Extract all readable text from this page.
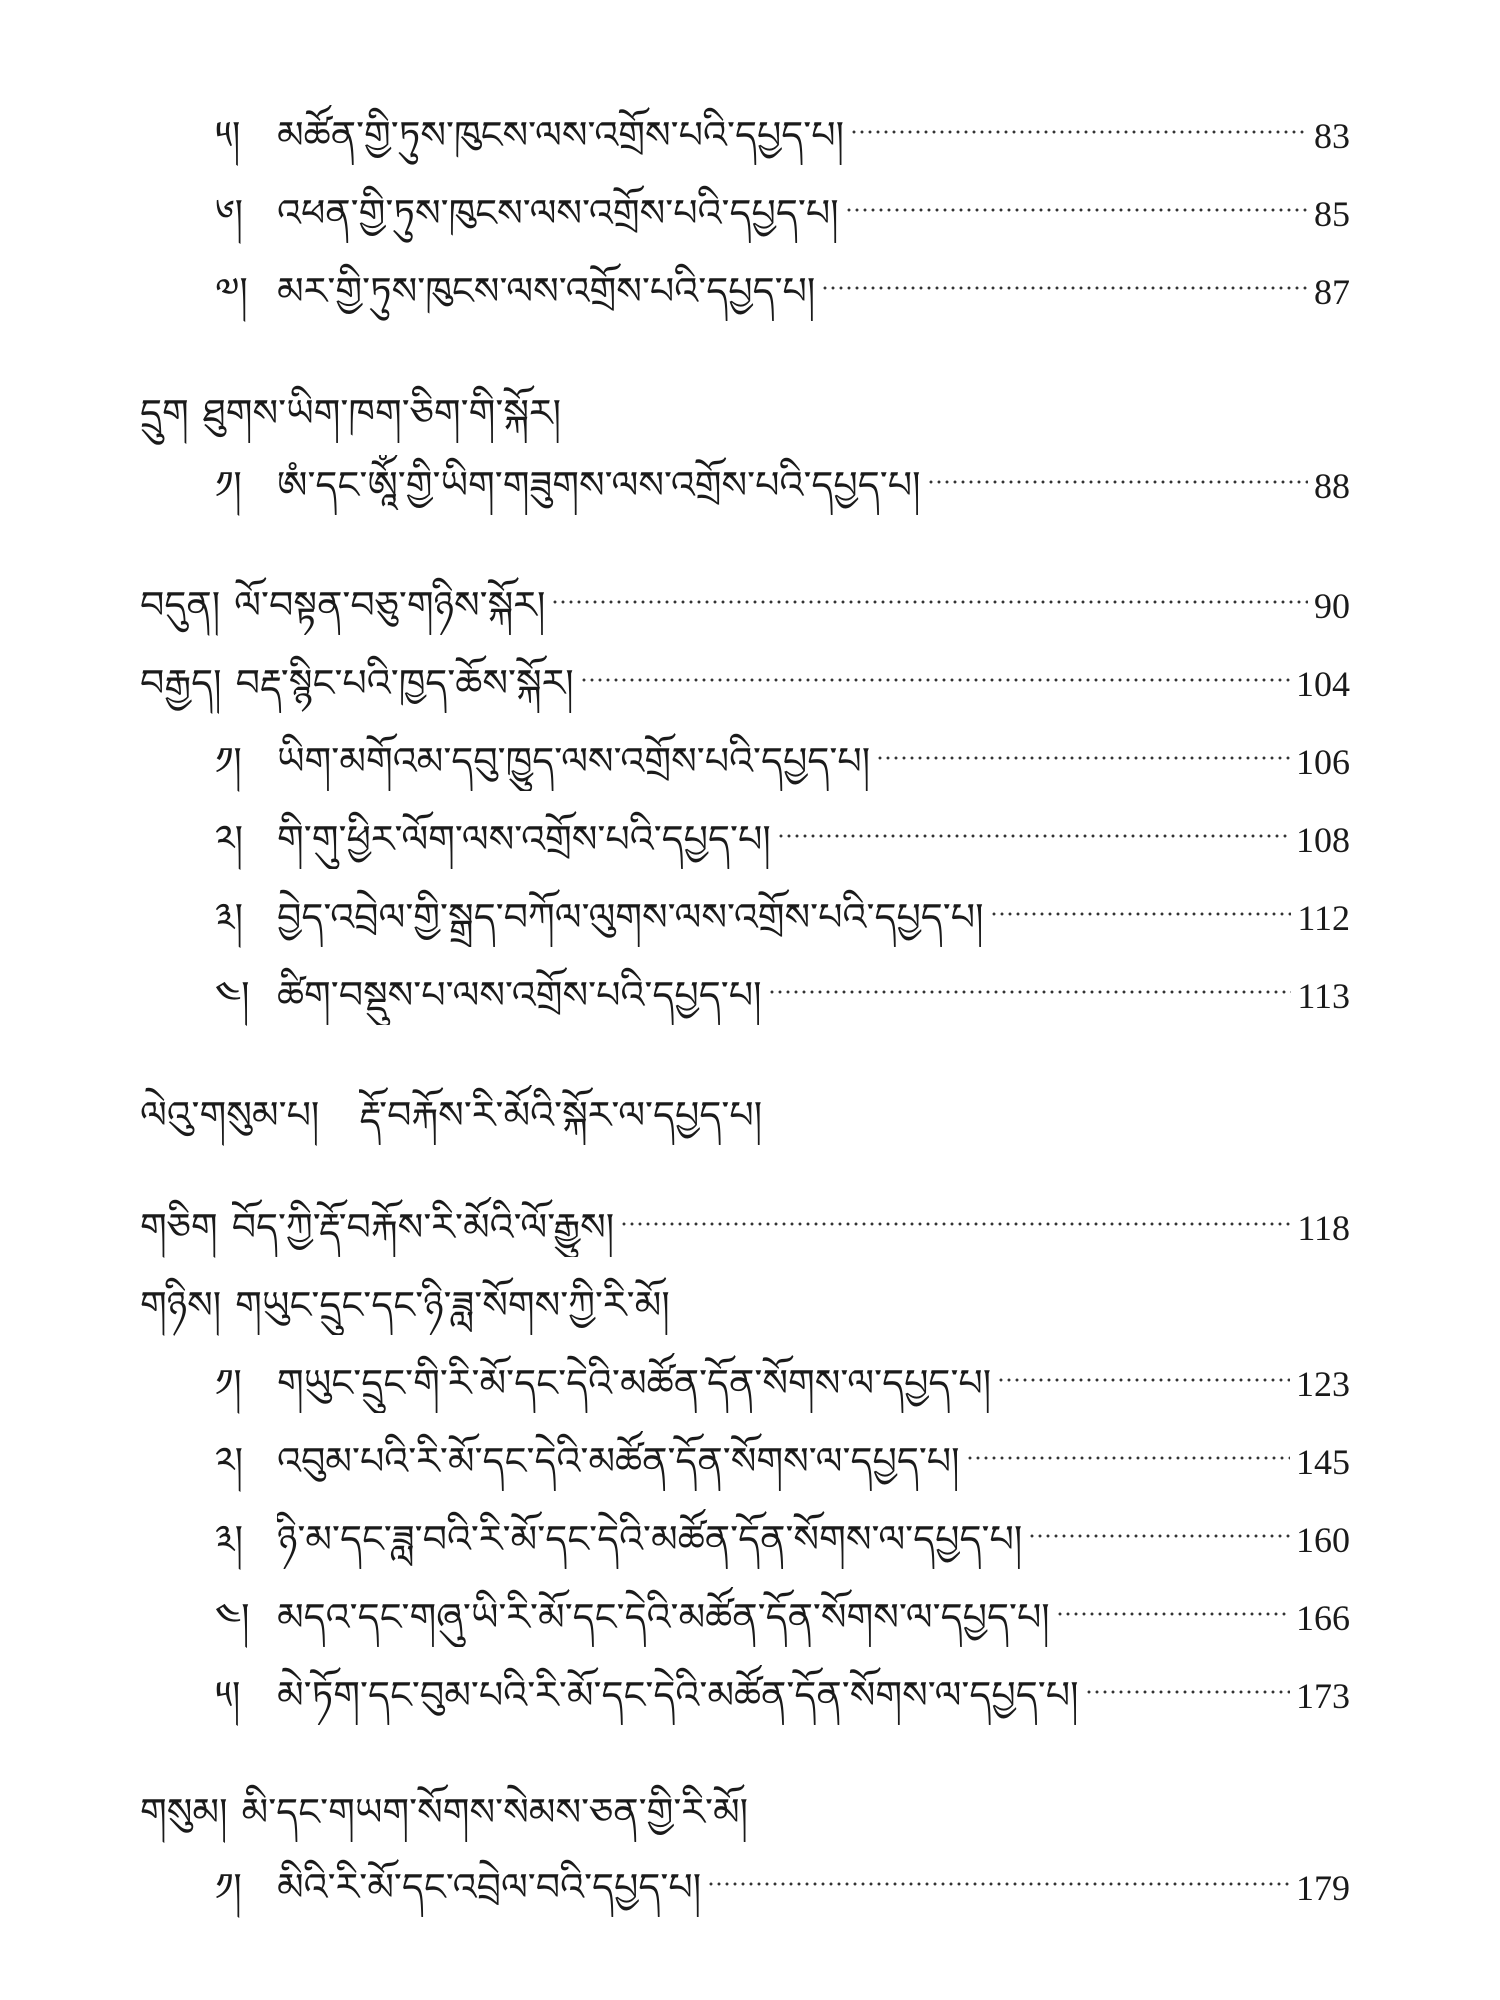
༥། མཚོན་གྱི་ཏུས་ཁུངས་ལས་འགྲོས་པའི་དཔྱད་པ།	83
༦། འཕན་གྱི་ཏུས་ཁུངས་ལས་འགྲོས་པའི་དཔྱད་པ།	85
༧། མར་གྱི་ཏུས་ཁུངས་ལས་འགྲོས་པའི་དཔྱད་པ།	87
དྲུག ཐུགས་ཡིག་ཁག་ཅིག་གི་སྐོར།
༡། ཨཾ་དང་ཨཱོཾ་གྱི་ཡིག་གཟུགས་ལས་འགྲོས་པའི་དཔྱད་པ།	88
བདུན། ལོ་བསྟན་བཅུ་གཉིས་སྐོར།	90
བརྒྱད། བརྡ་སྙིང་པའི་ཁྱད་ཆོས་སྐོར།	104
༡། ཡིག་མགོའམ་དབུ་ཁྱུད་ལས་འགྲོས་པའི་དཔྱད་པ།	106
༢། གི་གུ་ཕྱིར་ལོག་ལས་འགྲོས་པའི་དཔྱད་པ།	108
༣། བྱེད་འབྲེལ་གྱི་སྒྲད་བཀོལ་ལུགས་ལས་འགྲོས་པའི་དཔྱད་པ།	112
༤། ཚིག་བསྡུས་པ་ལས་འགྲོས་པའི་དཔྱད་པ།	113
ལེའུ་གསུམ་པ། རྡོ་བརྐོས་རི་མོའི་སྐོར་ལ་དཔྱད་པ།
གཅིག བོད་ཀྱི་རྡོ་བརྐོས་རི་མོའི་ལོ་རྒྱུས།	118
གཉིས། གཡུང་དྲུང་དང་ཉི་ཟླ་སོགས་ཀྱི་རི་མོ།
༡། གཡུང་དྲུང་གི་རི་མོ་དང་དེའི་མཚོན་དོན་སོགས་ལ་དཔྱད་པ།	123
༢། འབུམ་པའི་རི་མོ་དང་དེའི་མཚོན་དོན་སོགས་ལ་དཔྱད་པ།	145
༣། ཉི་མ་དང་ཟླ་བའི་རི་མོ་དང་དེའི་མཚོན་དོན་སོགས་ལ་དཔྱད་པ།	160
༤། མདའ་དང་གཞུ་ཡི་རི་མོ་དང་དེའི་མཚོན་དོན་སོགས་ལ་དཔྱད་པ།	166
༥། མེ་ཏོག་དང་བུམ་པའི་རི་མོ་དང་དེའི་མཚོན་དོན་སོགས་ལ་དཔྱད་པ།	173
གསུམ། མི་དང་གཡག་སོགས་སེམས་ཅན་གྱི་རི་མོ།
༡། མིའི་རི་མོ་དང་འབྲེལ་བའི་དཔྱད་པ།	179
